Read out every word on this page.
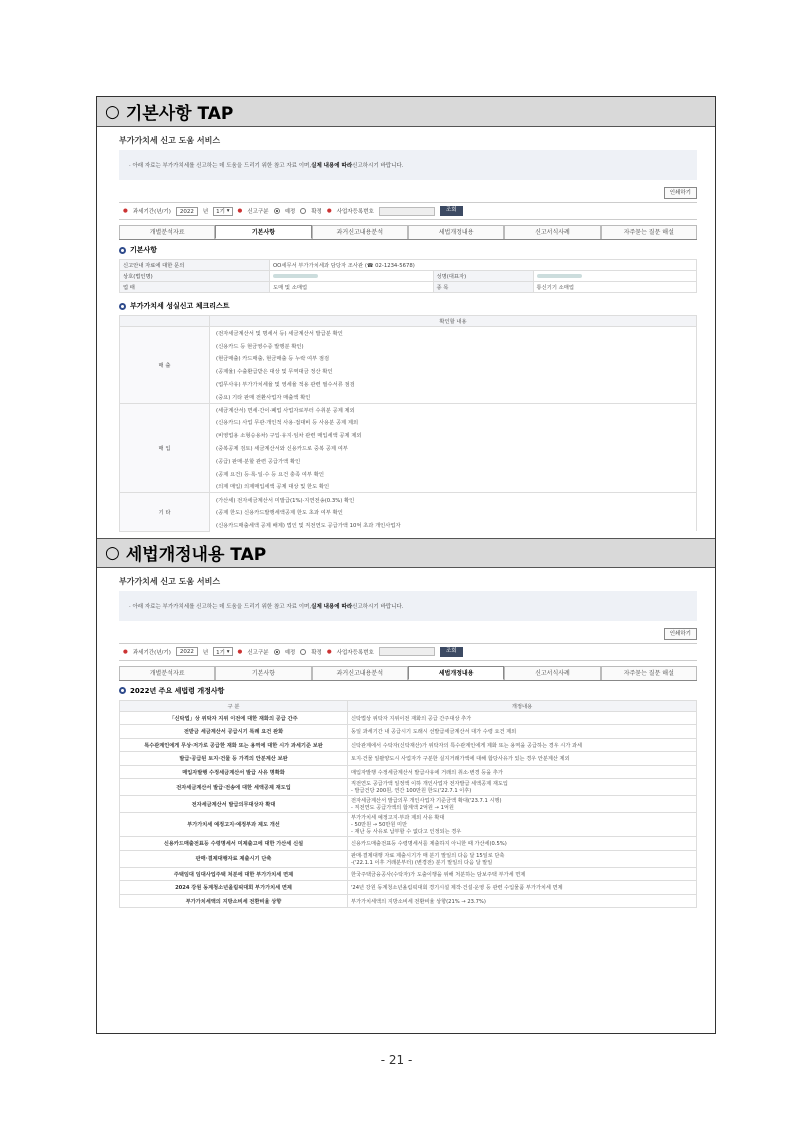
○ 기본사항 TAP
부가가치세 신고 도움 서비스
· 아래 자료는 부가가치세를 신고하는 데 도움을 드리기 위한 참고 자료 이며, 실제 내용에 따라 신고하시기 바랍니다.
인쇄하기
● 과세기간(년/기)	2022	년 1기 ▾ ● 신고구분	예정	확정 ● 사업자등록번호	조회
개별분석자료	기본사항	과거신고내용분석	세법개정내용	신고서식사례	자주묻는 질문 해설
기본사항
신고안내 자료에 대한 문의	OO세무서 부가가치세과 담당자 조사관 (☎ 02-1234-5678)		
상호(법인명)		성명(대표자)	
업 태	도매 및 소매업	종 목	통신기기 소매업
부가가치세 성실신고 체크리스트
	확인할 내용
매 출	(전자세금계산서 및 명세서 등) 세금계산서 발급분 확인
	(신용카드 등 현금영수증 발행분 확인)
	(현금매출) 카드매출, 현금매출 등 누락 여부 점검
	(공제율) 수출환급받은 대상 및 무역대금 정산 확인
	(업무사유) 부가가치세율 및 영세율 적용 관련 필수서류 점검
	(중요) 기타 판매 전환사업자 매출액 확인
매 입	(세금계산서) 면세·간이·폐업 사업자로부터 수취분 공제 제외
	(신용카드) 사업 무관·개인적 사용·접대비 등 사용분 공제 제외
	(비영업용 소형승용차) 구입·유지·임차 관련 매입세액 공제 제외
	(중복공제 검토) 세금계산서와 신용카드로 중복 공제 여부
	(공급) 판매·분할 관련 공급가액 확인
	(공제 요건) 등·록·일·수 등 요건 충족 여부 확인
	(의제 매입) 의제매입세액 공제 대상 및 한도 확인
기 타	(가산세) 전자세금계산서 미발급(1%)·지연전송(0.3%) 확인
	(공제 한도) 신용카드발행세액공제 한도 초과 여부 확인
	(신용카드매출세액 공제 배제) 법인 및 직전연도 공급가액 10억 초과 개인사업자
○ 세법개정내용 TAP
부가가치세 신고 도움 서비스
· 아래 자료는 부가가치세를 신고하는 데 도움을 드리기 위한 참고 자료 이며, 실제 내용에 따라 신고하시기 바랍니다.
인쇄하기
● 과세기간(년/기)	2022	년 1기 ▾ ● 신고구분	예정	확정 ● 사업자등록번호	조회
개별분석자료	기본사항	과거신고내용분석	세법개정내용	신고서식사례	자주묻는 질문 해설
2022년 주요 세법령 개정사항
구 분	개정내용
「신탁법」상 위탁자 지위 이전에 대한 재화의 공급 간주	신탁법상 위탁자 지위이전 재화의 공급 간주대상 추가
전받금 세금계산서 공급시기 특례 요건 완화	동일 과세기간 내 공급시기 도래시 선발급세금계산서 대가 수령 요건 제외
특수관계인에게 무상·저가로 공급한 재화 또는 용역에 대한 시가 과세기준 보완	신탁관계에서 수탁자(신탁재산)가 위탁자의 특수관계인에게 제화 또는 용역을 공급하는 경우 시가 과세
발급·공급된 토지·건물 등 가격의 안분계산 보완	토지·건물 일괄양도시 사업자가 구분한 실지거래가액에 대해 합당사유가 있는 경우 안분계산 제외
매입자발행 수정세금계산서 발급 사유 명확화	매입자발행 수정세금계산서 발급사유에 거래의 취소·변경 등을 추가
전자세금계산서 발급·전송에 대한 세액공제 재도입	직전연도 공급가액 일정액 이하 개인사업자 전자발급 세액공제 재도입
- 발급건당 200원, 연간 100만원 한도('22.7.1 이후)
전자세금계산서 발급의무대상자 확대	전자세금계산서 발급의무 개인사업자 기준금액 확대('23.7.1 시행)
- 직전연도 공급가액의 합계액 2억원 → 1억원
부가가치세 예정고지·예정부과 제도 개선	부가가치세 예정고지·부과 제외 사유 확대
- 50만원 → 50만원 미만
- 재난 등 사유로 납부할 수 없다고 인정되는 경우
신용카드매출전표등 수령명세서 미제출고에 대한 가산세 신설	신용카드매출전표등 수령명세서를 제출하지 아니한 때 가산세(0.5%)
판매·결제대행자료 제출시기 단축	판매·결제대행 자료 제출시기가 매 분기 말일의 다음 달 15일로 단축
-('22.1.1 이후 거래분부터) (변경전) 분기 말일의 다음 달 말일
주택임대 임대사업주택 처분에 대한 부가가치세 면제	한국주택금융공사(수탁자)가 도출이행을 위해 처분하는 담보주택 부가세 면제
2024 강원 동계청소년올림픽대회 부가가치세 면제	'24년 강원 동계청소년올림픽대회 경기시설 제작·건설·운영 등 관련 수입물품 부가가치세 면제
부가가치세액의 지방소비세 전환비율 상향	부가가치세액의 지방소비세 전환비율 상향(21% → 23.7%)
- 21 -
